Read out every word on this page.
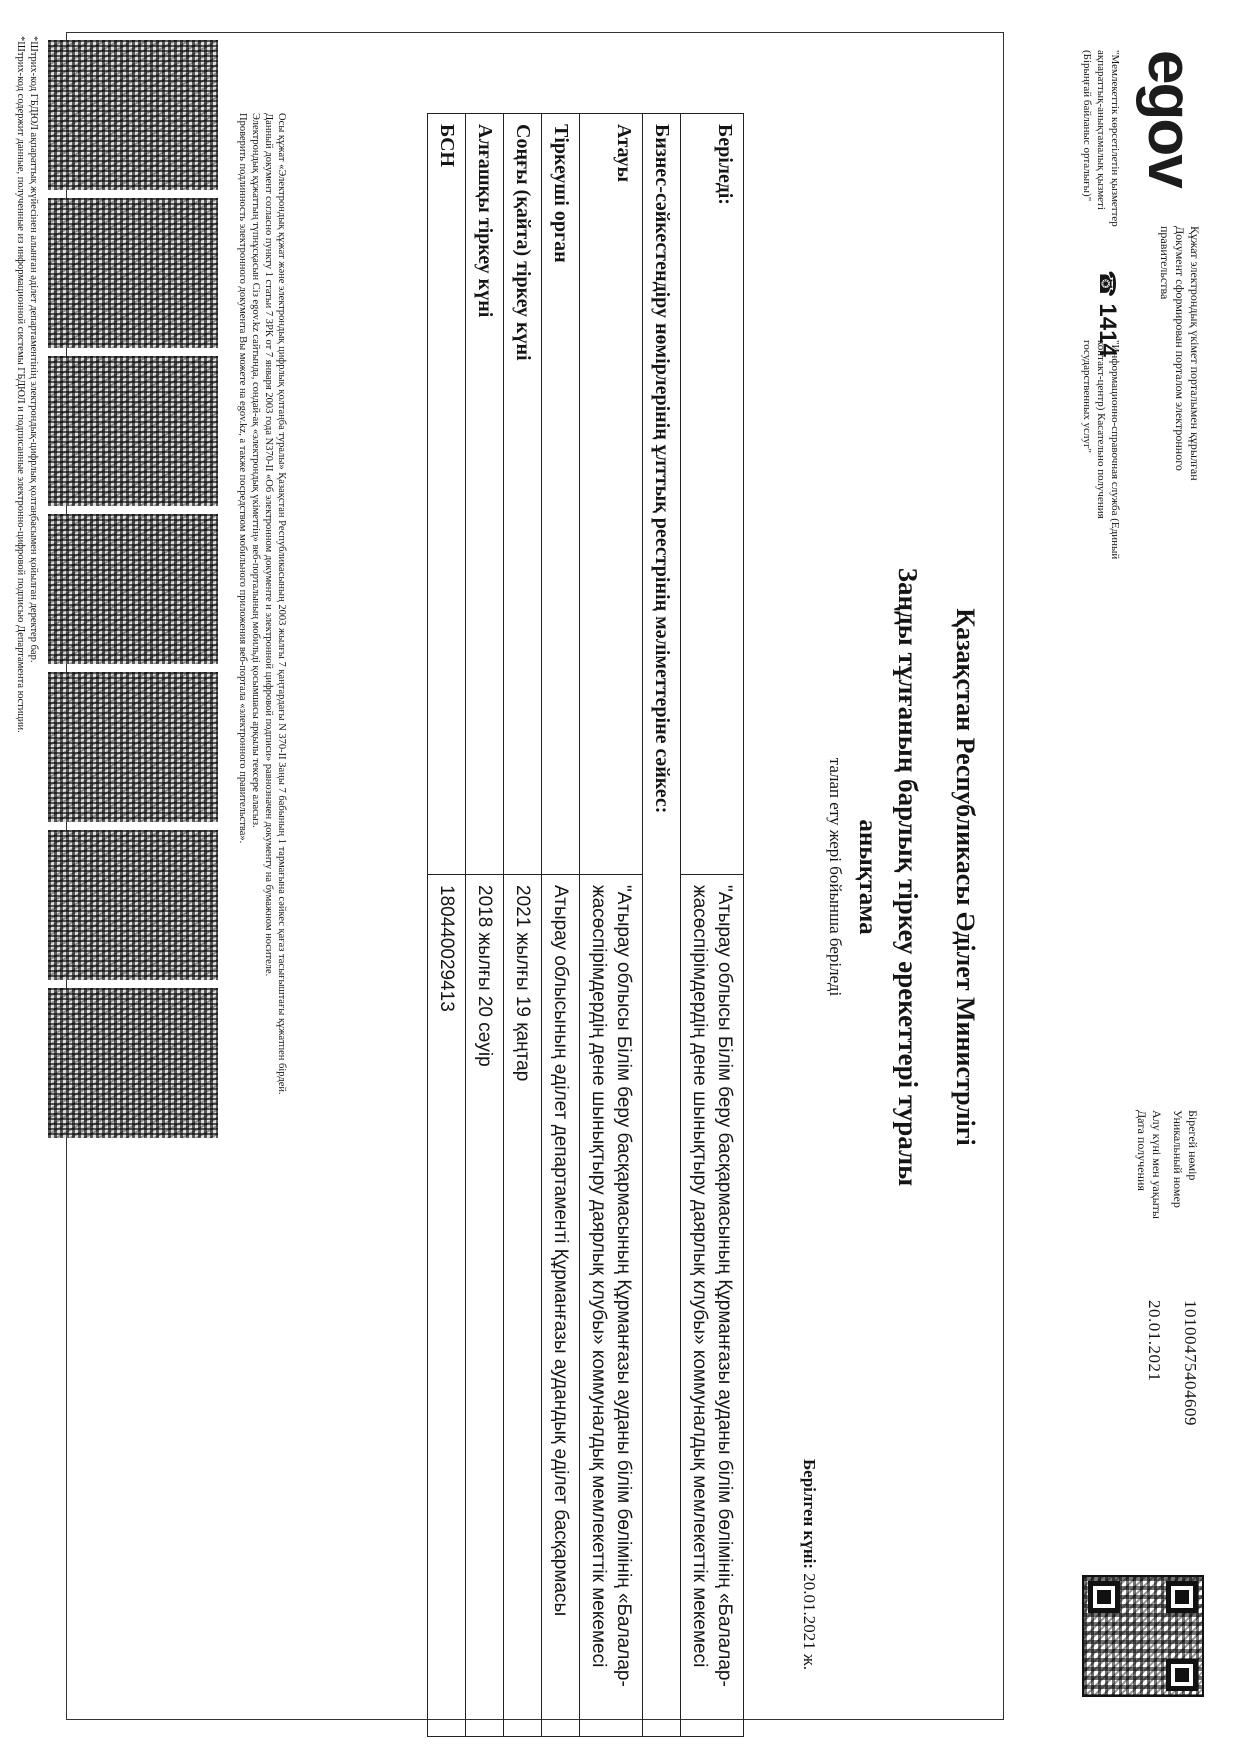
egov
Құжат электрондық үкімет порталымен құрылған
Документ сформирован порталом электронного правительства
"Мемлекеттік көрсетілетін қызметтер ақпараттық-анықтамалық қызметі (Бірыңғай байланыс орталығы)"
☎1414
"Информационно-справочная служба (Единый контакт-центр) Касательно получения государственных услуг"
Бірегей нөмір
Уникальный номер
10100475404609
Алу күні мен уақыты
Дата получения
20.01.2021
Қазақстан Республикасы Әділет Министрлігі
Заңды тұлғаның барлық тіркеу әрекеттері туралы
анықтама
талап ету жері бойынша беріледі
Берілген күні: 20.01.2021 ж.
Беріледі:	"Атырау облысы Білім беру басқармасының Құрманғазы ауданы білім бөлімінің «Балалар-жасөспірімдердің дене шынықтыру даярлық клубы» коммуналдық мемлекеттік мекемесі
Бизнес-сәйкестендіру нөмірлерінің ұлттық реестрінің мәліметтеріне сәйкес:	
Атауы	"Атырау облысы Білім беру басқармасының Құрманғазы ауданы білім бөлімінің «Балалар-жасөспірімдердің дене шынықтыру даярлық клубы» коммуналдық мемлекеттік мекемесі
Тіркеуші орган	Атырау облысының әділет департаменті Құрманғазы аудандық әділет басқармасы
Соңғы (қайта) тіркеу күні	2021 жылғы 19 қаңтар
Алғашқы тіркеу күні	2018 жылғы 20 сәуір
БСН	180440029413

Осы құжат «Электрондық құжат және электрондық цифрлық қолтаңба туралы» Қазақстан Республикасының 2003 жылғы 7 қаңтардағы N 370-II Заңы 7 бабының 1 тармағына сәйкес қағаз тасығыштағы құжатпен бірдей.

Данный документ согласно пункту 1 статьи 7 ЗРК от 7 января 2003 года N370-II «Об электронном документе и электронной цифровой подписи» равнозначен документу на бумажном носителе.

Электрондық құжаттың түпнұсқасын Сіз egov.kz сайтында, сондай-ақ «электрондық үкіметтің» веб-порталының мобильді қосымшасы арқылы тексере аласыз.

Проверить подлинность электронного документа Вы можете на egov.kz, а также посредством мобильного приложения веб-портала «электронного правительства».

*Штрих-код ГБДЮЛ ақпараттық жүйесінен алынған әділет департаментінің электрондық-цифрлық қолтаңбасымен қойылған деректер бар.

*Штрих-код содержит данные, полученные из информационной системы ГБДЮЛ и подписанные электронно-цифровой подписью Департамента юстиции.
